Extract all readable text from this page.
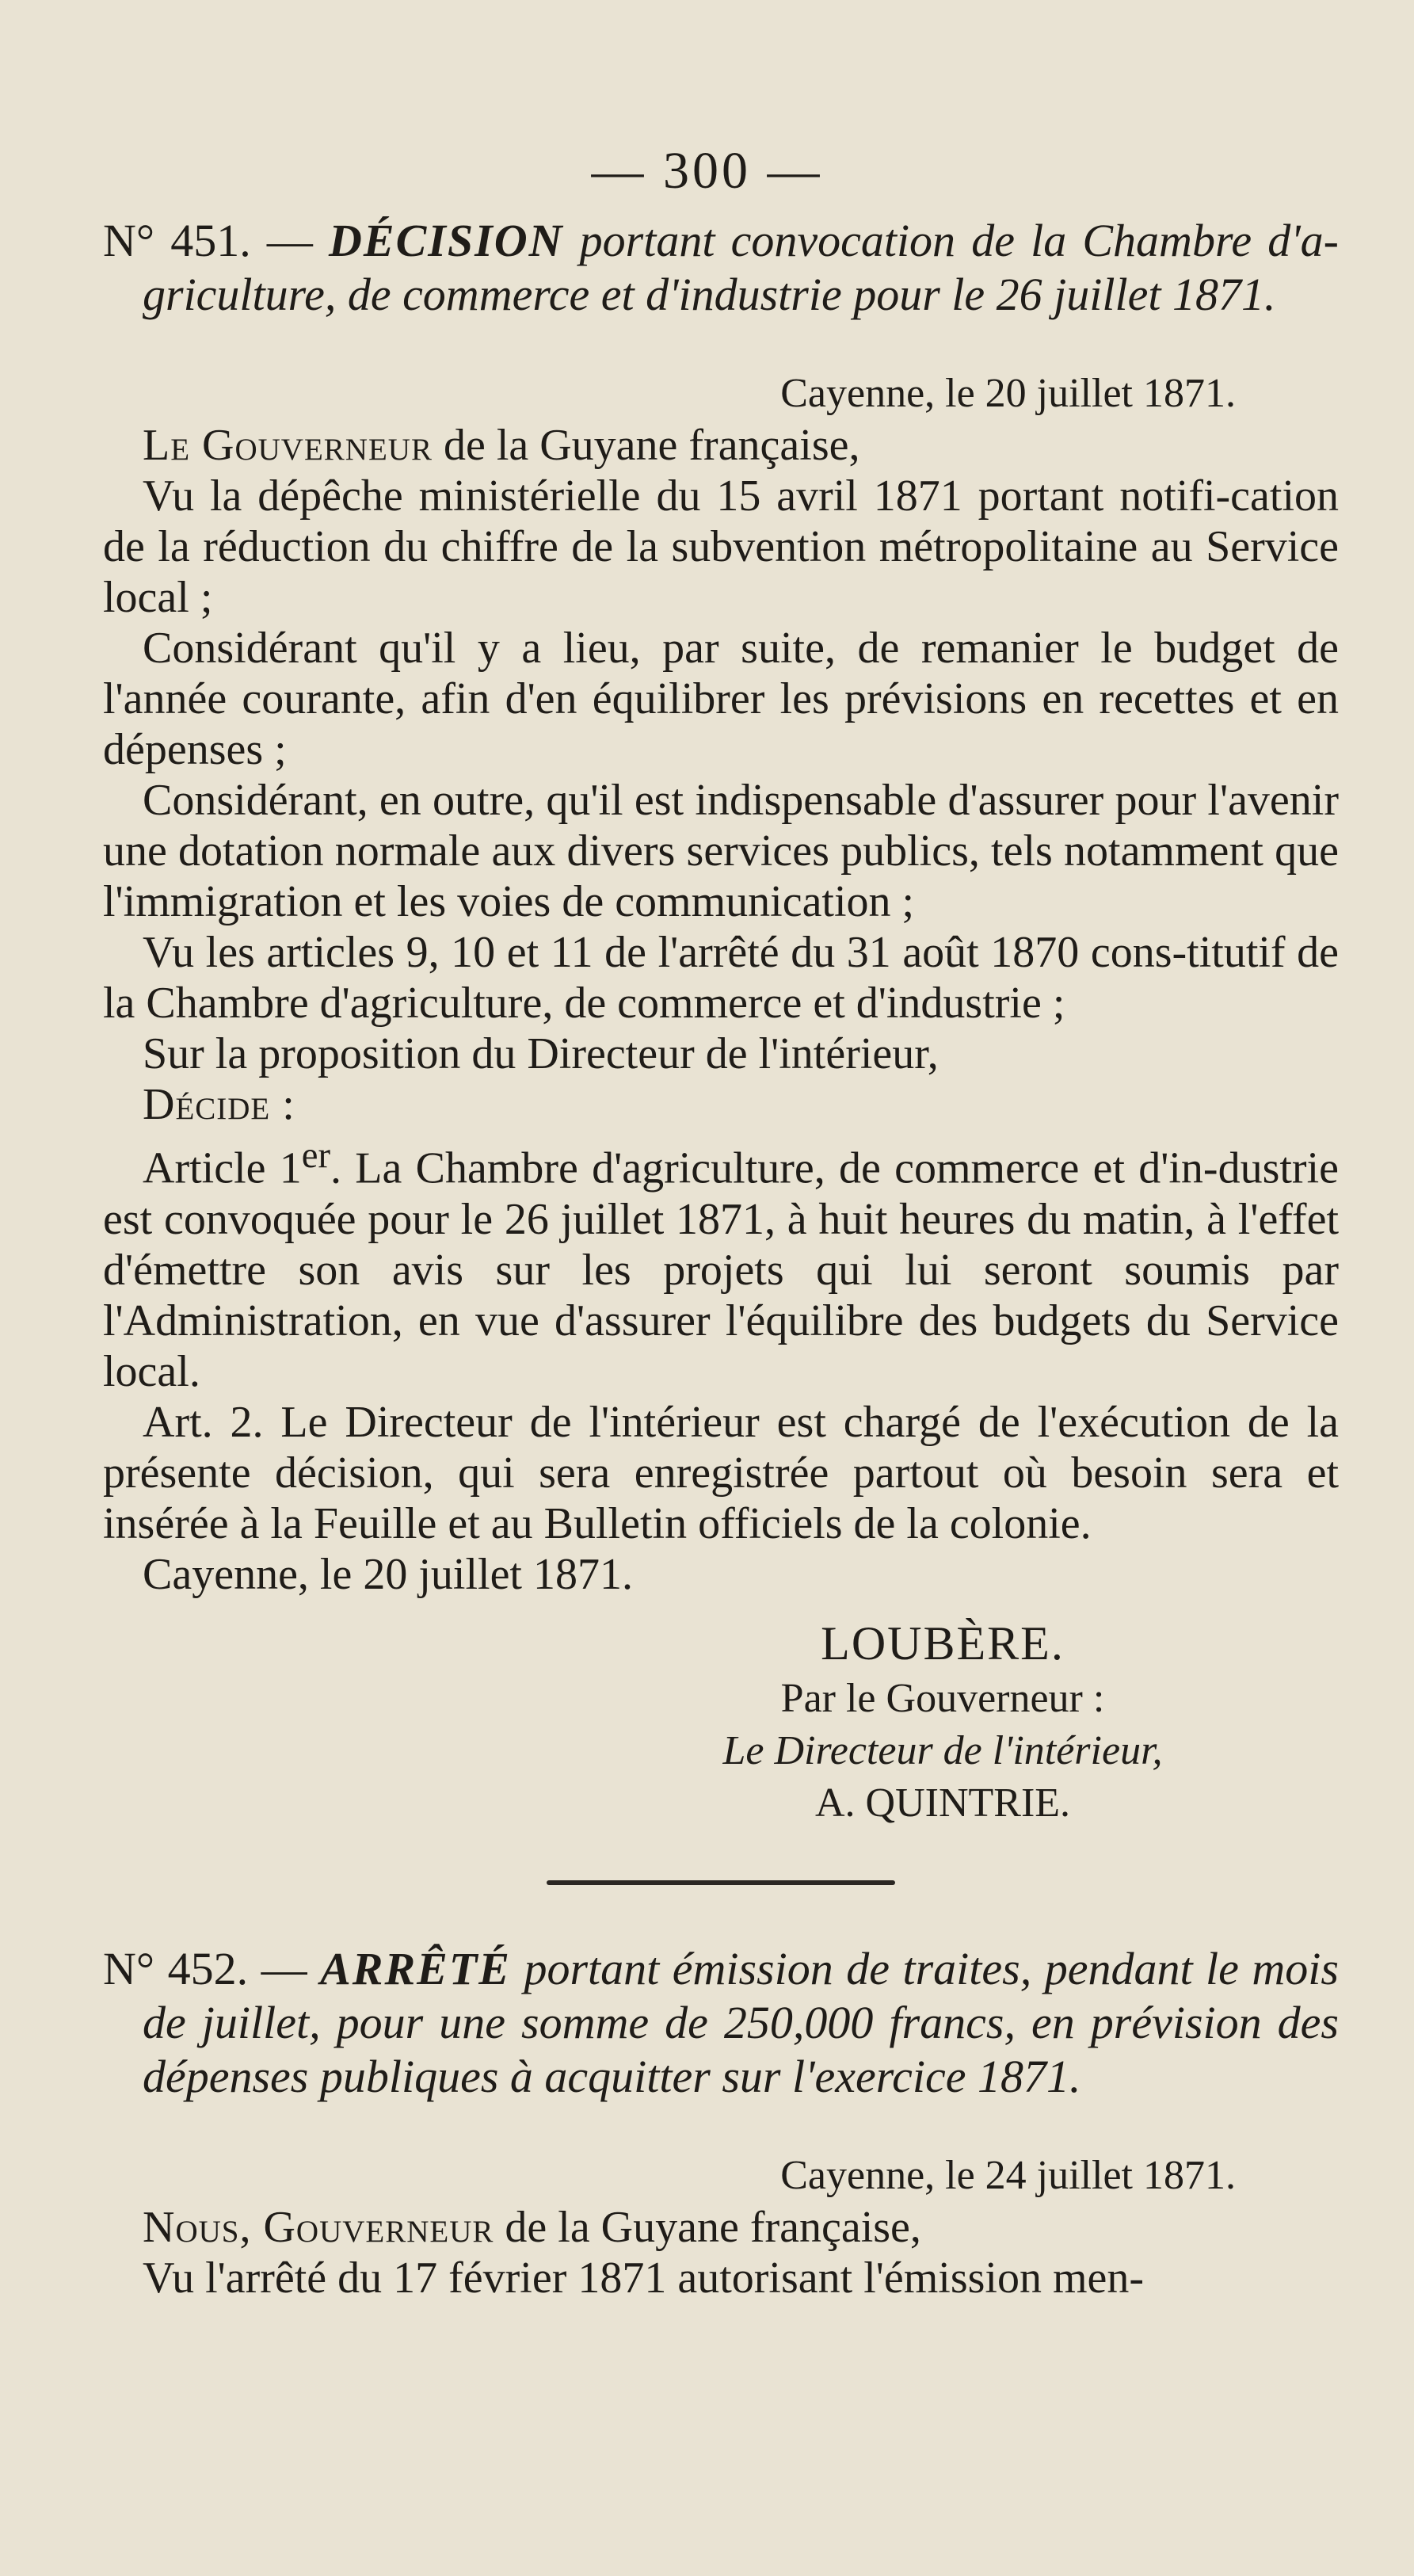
— 300 —

N° 451. — DÉCISION portant convocation de la Chambre d'a-griculture, de commerce et d'industrie pour le 26 juillet 1871.

Cayenne, le 20 juillet 1871.

Le Gouverneur de la Guyane française,

Vu la dépêche ministérielle du 15 avril 1871 portant notifi-cation de la réduction du chiffre de la subvention métropolitaine au Service local ;

Considérant qu'il y a lieu, par suite, de remanier le budget de l'année courante, afin d'en équilibrer les prévisions en recettes et en dépenses ;

Considérant, en outre, qu'il est indispensable d'assurer pour l'avenir une dotation normale aux divers services publics, tels notamment que l'immigration et les voies de communication ;

Vu les articles 9, 10 et 11 de l'arrêté du 31 août 1870 cons-titutif de la Chambre d'agriculture, de commerce et d'industrie ;

Sur la proposition du Directeur de l'intérieur,

Décide :

Article 1er. La Chambre d'agriculture, de commerce et d'in-dustrie est convoquée pour le 26 juillet 1871, à huit heures du matin, à l'effet d'émettre son avis sur les projets qui lui seront soumis par l'Administration, en vue d'assurer l'équilibre des budgets du Service local.

Art. 2. Le Directeur de l'intérieur est chargé de l'exécution de la présente décision, qui sera enregistrée partout où besoin sera et insérée à la Feuille et au Bulletin officiels de la colonie.

Cayenne, le 20 juillet 1871.

LOUBÈRE.
Par le Gouverneur :
Le Directeur de l'intérieur,
A. QUINTRIE.

N° 452. — ARRÊTÉ portant émission de traites, pendant le mois de juillet, pour une somme de 250,000 francs, en prévision des dépenses publiques à acquitter sur l'exercice 1871.

Cayenne, le 24 juillet 1871.

Nous, Gouverneur de la Guyane française,

Vu l'arrêté du 17 février 1871 autorisant l'émission men-
